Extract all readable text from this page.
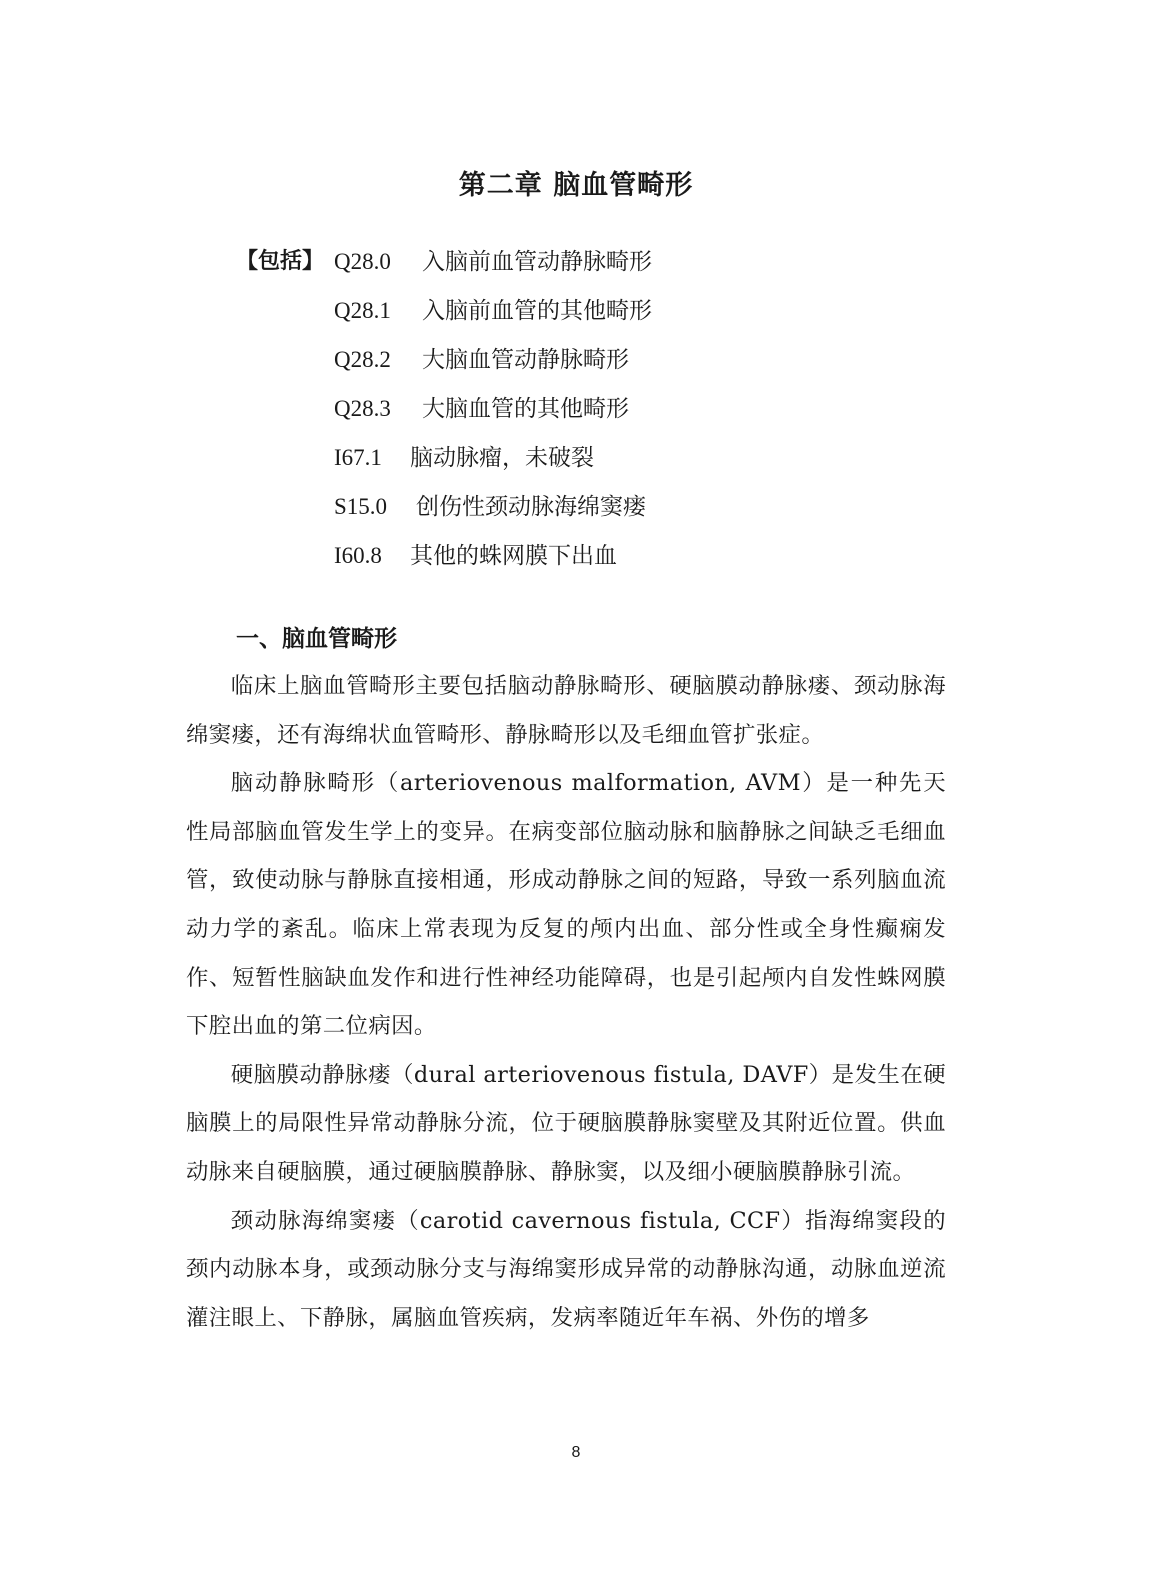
第二章 脑血管畸形
【包括】 Q28.0 入脑前血管动静脉畸形
Q28.1 入脑前血管的其他畸形
Q28.2 大脑血管动静脉畸形
Q28.3 大脑血管的其他畸形
I67.1 脑动脉瘤，未破裂
S15.0 创伤性颈动脉海绵窦瘘
I60.8 其他的蛛网膜下出血
一、脑血管畸形

临床上脑血管畸形主要包括脑动静脉畸形、硬脑膜动静脉瘘、颈动脉海绵窦瘘，还有海绵状血管畸形、静脉畸形以及毛细血管扩张症。

脑动静脉畸形（arteriovenous malformation, AVM）是一种先天性局部脑血管发生学上的变异。在病变部位脑动脉和脑静脉之间缺乏毛细血管，致使动脉与静脉直接相通，形成动静脉之间的短路，导致一系列脑血流动力学的紊乱。临床上常表现为反复的颅内出血、部分性或全身性癫痫发作、短暂性脑缺血发作和进行性神经功能障碍，也是引起颅内自发性蛛网膜下腔出血的第二位病因。

硬脑膜动静脉瘘（dural arteriovenous fistula, DAVF）是发生在硬脑膜上的局限性异常动静脉分流，位于硬脑膜静脉窦壁及其附近位置。供血动脉来自硬脑膜，通过硬脑膜静脉、静脉窦，以及细小硬脑膜静脉引流。

颈动脉海绵窦瘘（carotid cavernous fistula, CCF）指海绵窦段的颈内动脉本身，或颈动脉分支与海绵窦形成异常的动静脉沟通，动脉血逆流灌注眼上、下静脉，属脑血管疾病，发病率随近年车祸、外伤的增多

8
